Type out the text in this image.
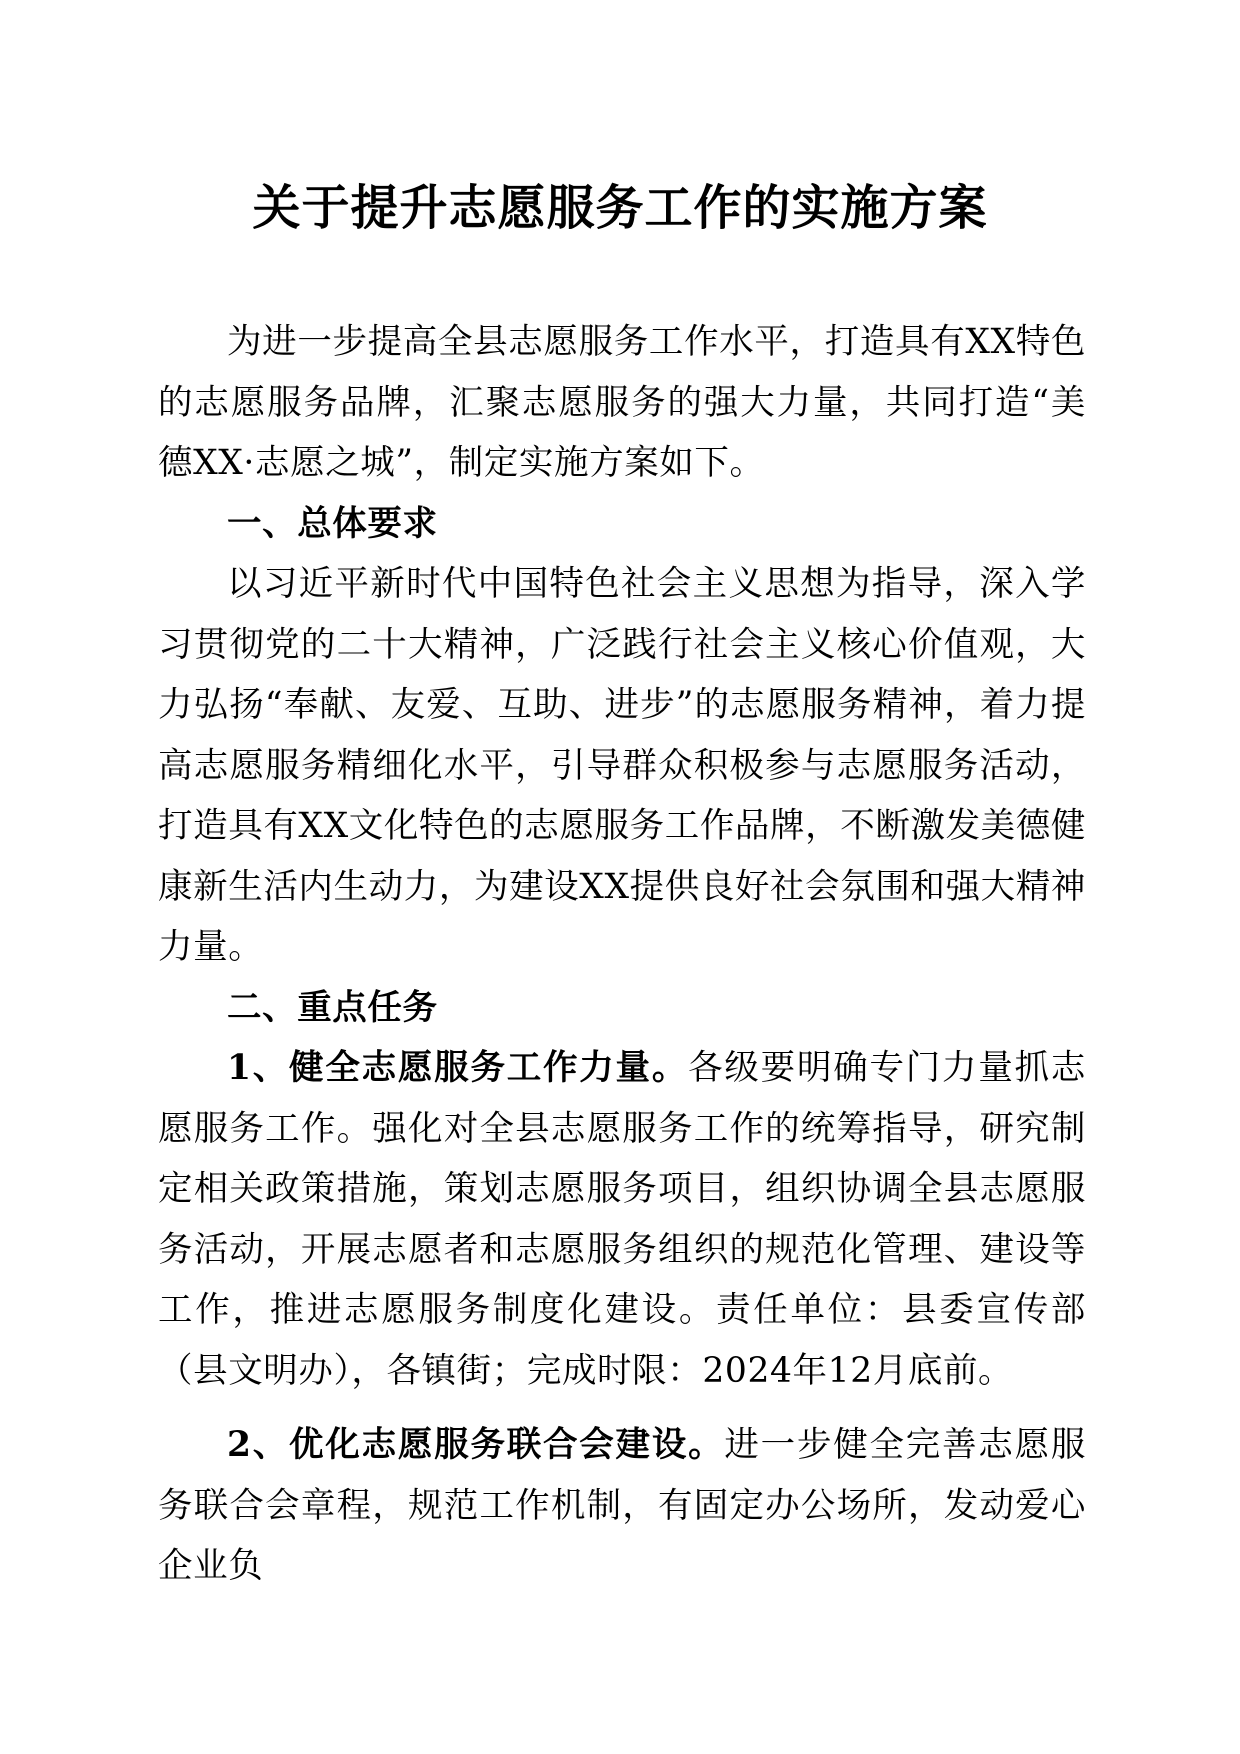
关于提升志愿服务工作的实施方案

为进一步提高全县志愿服务工作水平，打造具有XX特色的志愿服务品牌，汇聚志愿服务的强大力量，共同打造“美德XX·志愿之城”，制定实施方案如下。

一、总体要求

以习近平新时代中国特色社会主义思想为指导，深入学习贯彻党的二十大精神，广泛践行社会主义核心价值观，大力弘扬“奉献、友爱、互助、进步”的志愿服务精神，着力提高志愿服务精细化水平，引导群众积极参与志愿服务活动，打造具有XX文化特色的志愿服务工作品牌，不断激发美德健康新生活内生动力，为建设XX提供良好社会氛围和强大精神力量。

二、重点任务

1、健全志愿服务工作力量。各级要明确专门力量抓志愿服务工作。强化对全县志愿服务工作的统筹指导，研究制定相关政策措施，策划志愿服务项目，组织协调全县志愿服务活动，开展志愿者和志愿服务组织的规范化管理、建设等工作，推进志愿服务制度化建设。责任单位：县委宣传部（县文明办），各镇街；完成时限：2024年12月底前。

2、优化志愿服务联合会建设。进一步健全完善志愿服务联合会章程，规范工作机制，有固定办公场所，发动爱心企业负
